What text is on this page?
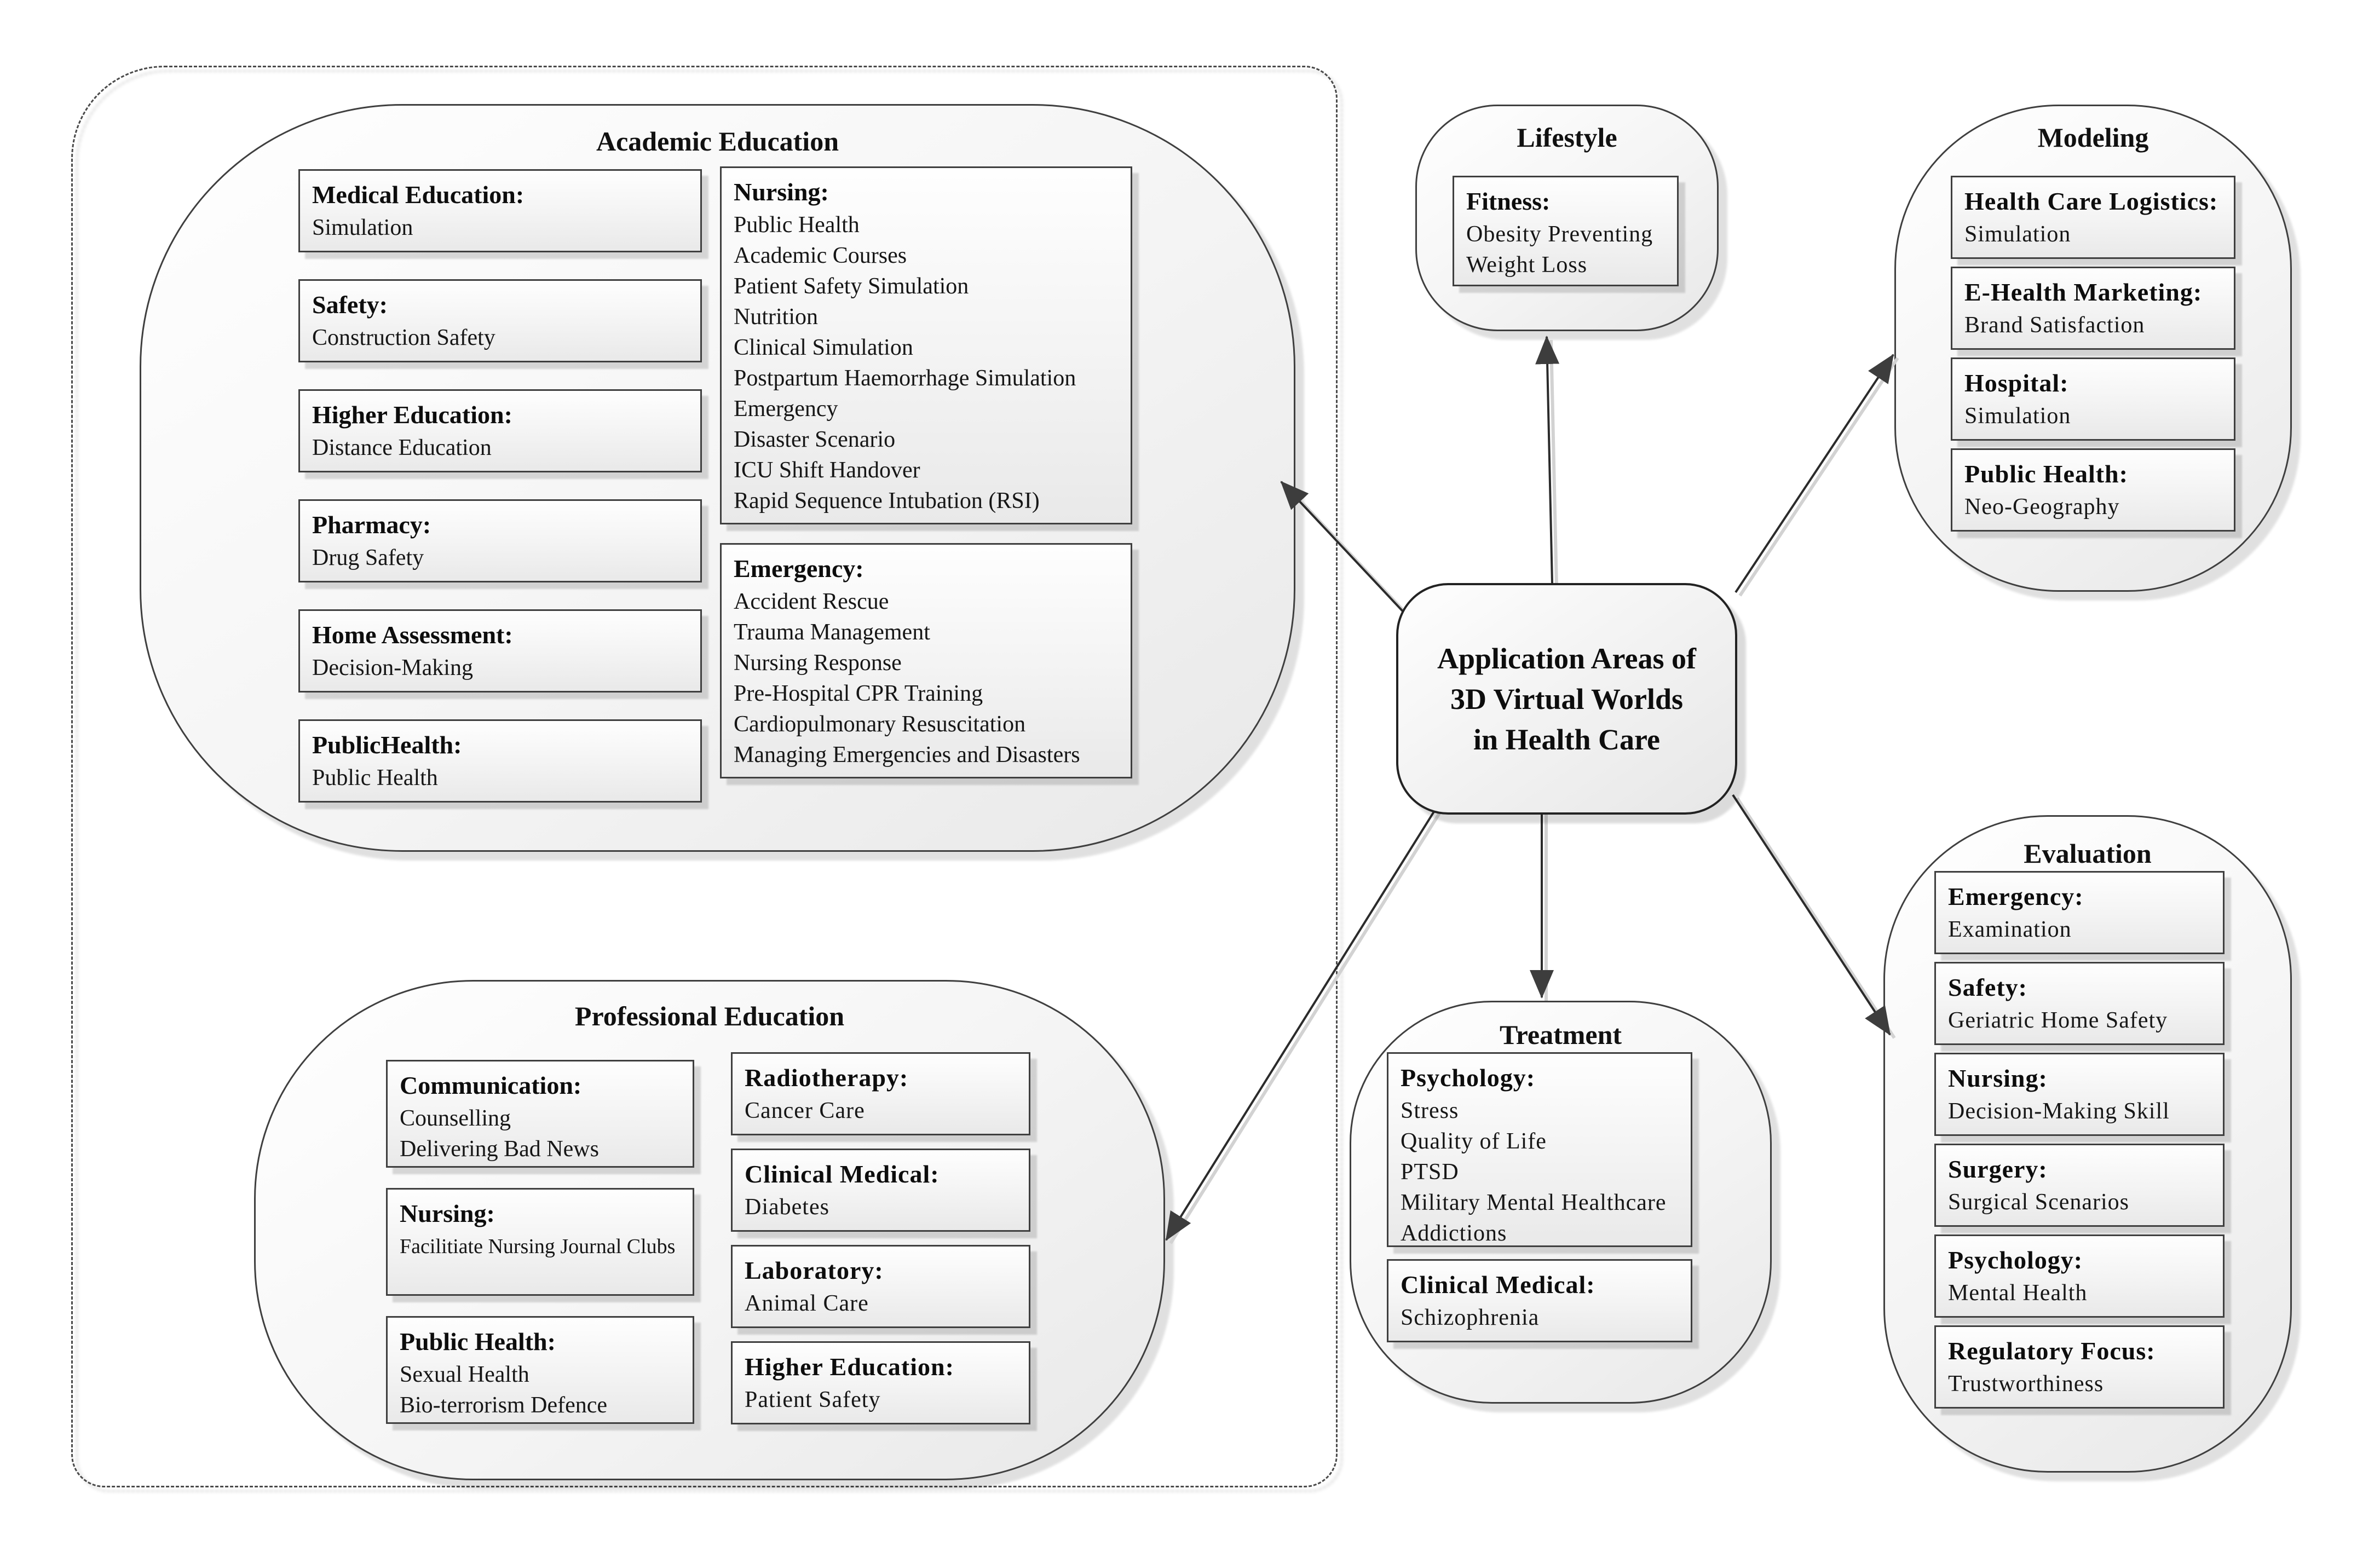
Academic Education
Medical Education:
Simulation
Safety:
Construction Safety
Higher Education:
Distance Education
Pharmacy:
Drug Safety
Home Assessment:
Decision-Making
PublicHealth:
Public Health
Nursing:
Public Health
Academic Courses
Patient Safety Simulation
Nutrition
Clinical Simulation
Postpartum Haemorrhage Simulation
Emergency
Disaster Scenario
ICU Shift Handover
Rapid Sequence Intubation (RSI)
Emergency:
Accident Rescue
Trauma Management
Nursing Response
Pre-Hospital CPR Training
Cardiopulmonary Resuscitation
Managing Emergencies and Disasters
Professional Education
Communication:
Counselling
Delivering Bad News
Nursing:
Facilitiate Nursing Journal Clubs
Public Health:
Sexual Health
Bio-terrorism Defence
Radiotherapy:
Cancer Care
Clinical Medical:
Diabetes
Laboratory:
Animal Care
Higher Education:
Patient Safety
Lifestyle
Fitness:
Obesity Preventing
Weight Loss
Modeling
Health Care Logistics:
Simulation
E-Health Marketing:
Brand Satisfaction
Hospital:
Simulation
Public Health:
Neo-Geography
Treatment
Psychology:
Stress
Quality of Life
PTSD
Military Mental Healthcare
Addictions
Clinical Medical:
Schizophrenia
Evaluation
Emergency:
Examination
Safety:
Geriatric Home Safety
Nursing:
Decision-Making Skill
Surgery:
Surgical Scenarios
Psychology:
Mental Health
Regulatory Focus:
Trustworthiness
Application Areas of
3D Virtual Worlds
in Health Care
